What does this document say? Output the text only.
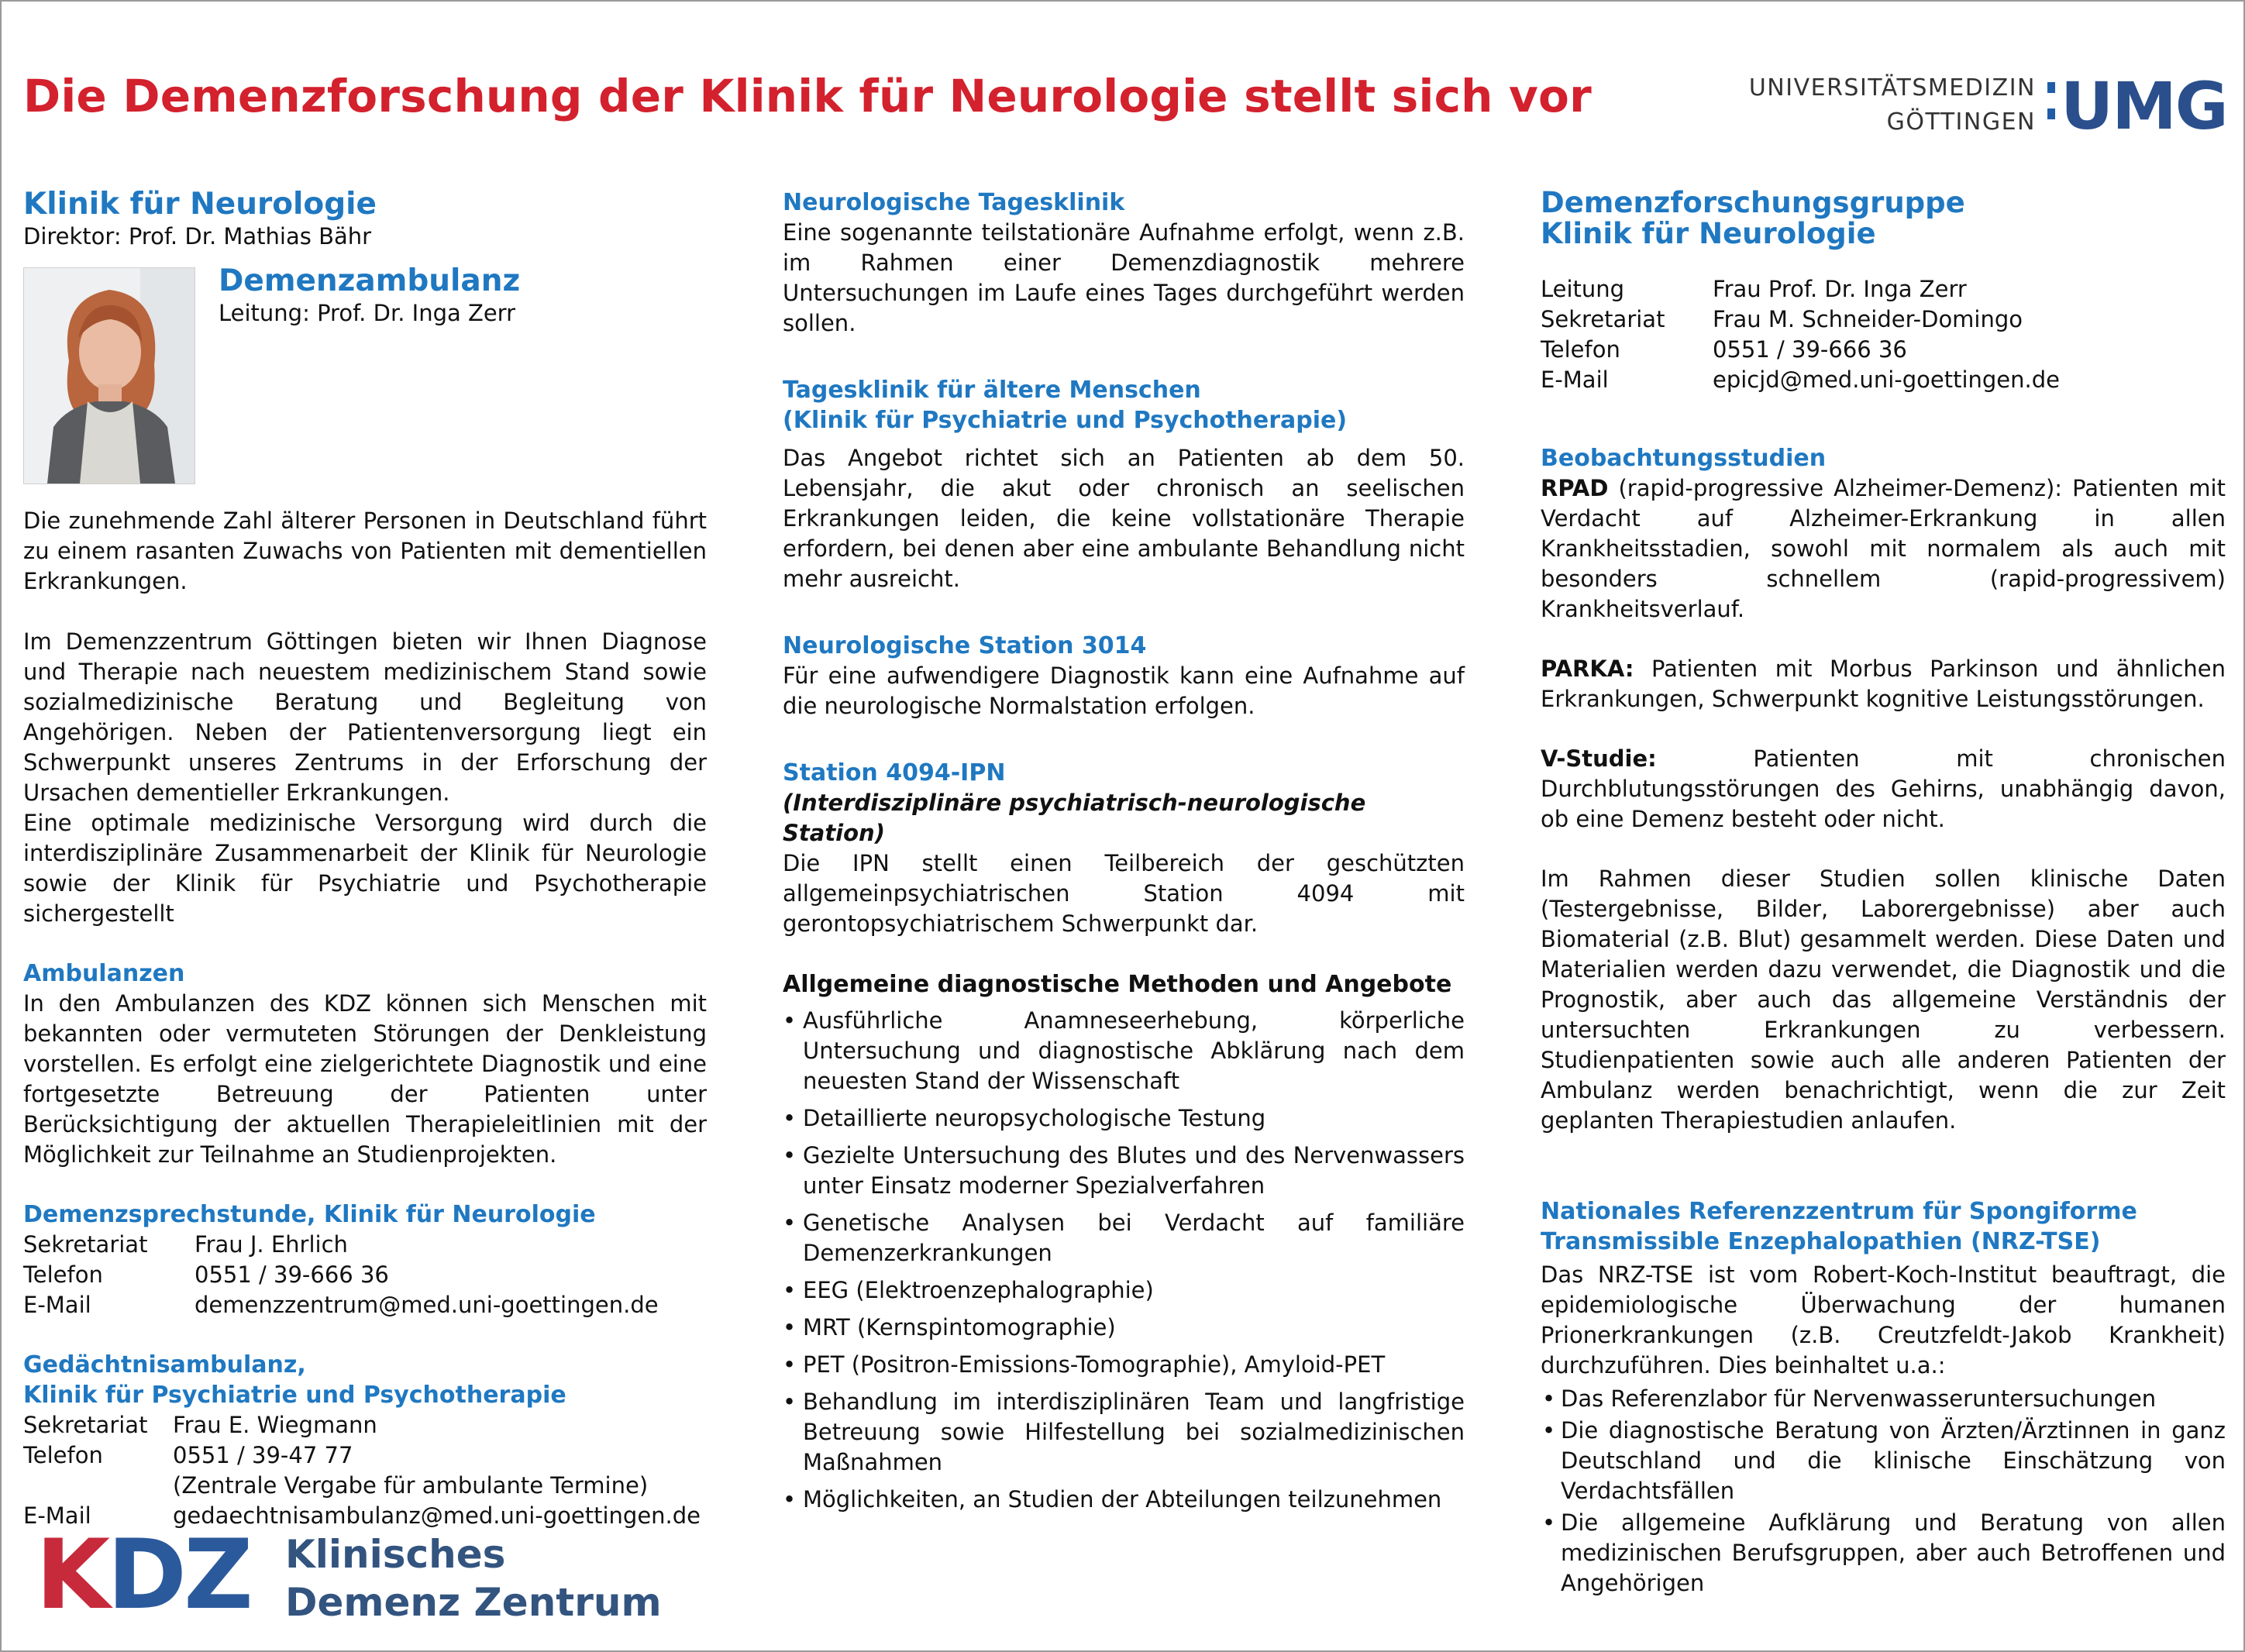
Die Demenzforschung der Klinik für Neurologie stellt sich vor	UNIVERSITÄTSMEDIZIN
GÖTTINGEN UMG

Klinik für Neurologie

Direktor: Prof. Dr. Mathias Bähr

Demenzambulanz

Leitung: Prof. Dr. Inga Zerr

Die zunehmende Zahl älterer Personen in Deutschland führt zu einem rasanten Zuwachs von Patienten mit dementiellen Erkrankungen.

Im Demenzzentrum Göttingen bieten wir Ihnen Diagnose und Therapie nach neuestem medizinischem Stand sowie sozialmedizinische Beratung und Begleitung von Angehörigen. Neben der Patientenversorgung liegt ein Schwerpunkt unseres Zentrums in der Erforschung der Ursachen dementieller Erkrankungen.

Eine optimale medizinische Versorgung wird durch die interdisziplinäre Zusammenarbeit der Klinik für Neurologie sowie der Klinik für Psychiatrie und Psychotherapie sichergestellt

Ambulanzen

In den Ambulanzen des KDZ können sich Menschen mit bekannten oder vermuteten Störungen der Denkleistung vorstellen. Es erfolgt eine zielgerichtete Diagnostik und eine fortgesetzte Betreuung der Patienten unter Berücksichtigung der aktuellen Therapieleitlinien mit der Möglichkeit zur Teilnahme an Studienprojekten.

Demenzsprechstunde, Klinik für Neurologie

Sekretariat	Frau J. Ehrlich
Telefon	0551 / 39-666 36
E-Mail	demenzzentrum@med.uni-goettingen.de

Gedächtnisambulanz,

Klinik für Psychiatrie und Psychotherapie

Sekretariat	Frau E. Wiegmann
Telefon	0551 / 39-47 77
(Zentrale Vergabe für ambulante Termine)
E-Mail	gedaechtnisambulanz@med.uni-goettingen.de
KDZ Klinisches
Demenz Zentrum

Neurologische Tagesklinik

Eine sogenannte teilstationäre Aufnahme erfolgt, wenn z.B. im Rahmen einer Demenzdiagnostik mehrere Untersuchungen im Laufe eines Tages durchgeführt werden sollen.

Tagesklinik für ältere Menschen

(Klinik für Psychiatrie und Psychotherapie)

Das Angebot richtet sich an Patienten ab dem 50. Lebensjahr, die akut oder chronisch an seelischen Erkrankungen leiden, die keine vollstationäre Therapie erfordern, bei denen aber eine ambulante Behandlung nicht mehr ausreicht.

Neurologische Station 3014

Für eine aufwendigere Diagnostik kann eine Aufnahme auf die neurologische Normalstation erfolgen.

Station 4094-IPN

(Interdisziplinäre psychiatrisch-neurologische Station)

Die IPN stellt einen Teilbereich der geschützten allgemeinpsychiatrischen Station 4094 mit gerontopsychiatrischem Schwerpunkt dar.

Allgemeine diagnostische Methoden und Angebote

• Ausführliche Anamneseerhebung, körperliche Untersuchung und diagnostische Abklärung nach dem neuesten Stand der Wissenschaft
• Detaillierte neuropsychologische Testung
• Gezielte Untersuchung des Blutes und des Nervenwassers unter Einsatz moderner Spezialverfahren
• Genetische Analysen bei Verdacht auf familiäre Demenzerkrankungen
• EEG (Elektroenzephalographie)
• MRT (Kernspintomographie)
• PET (Positron-Emissions-Tomographie), Amyloid-PET
• Behandlung im interdisziplinären Team und langfristige Betreuung sowie Hilfestellung bei sozialmedizinischen Maßnahmen
• Möglichkeiten, an Studien der Abteilungen teilzunehmen

Demenzforschungsgruppe

Klinik für Neurologie

Leitung	Frau Prof. Dr. Inga Zerr
Sekretariat	Frau M. Schneider-Domingo
Telefon	0551 / 39-666 36
E-Mail	epicjd@med.uni-goettingen.de

Beobachtungsstudien

RPAD (rapid-progressive Alzheimer-Demenz): Patienten mit Verdacht auf Alzheimer-Erkrankung in allen Krankheitsstadien, sowohl mit normalem als auch mit besonders schnellem (rapid-progressivem) Krankheitsverlauf.

PARKA: Patienten mit Morbus Parkinson und ähnlichen Erkrankungen, Schwerpunkt kognitive Leistungsstörungen.

V-Studie: Patienten mit chronischen Durchblutungsstörungen des Gehirns, unabhängig davon, ob eine Demenz besteht oder nicht.

Im Rahmen dieser Studien sollen klinische Daten (Testergebnisse, Bilder, Laborergebnisse) aber auch Biomaterial (z.B. Blut) gesammelt werden. Diese Daten und Materialien werden dazu verwendet, die Diagnostik und die Prognostik, aber auch das allgemeine Verständnis der untersuchten Erkrankungen zu verbessern. Studienpatienten sowie auch alle anderen Patienten der Ambulanz werden benachrichtigt, wenn die zur Zeit geplanten Therapiestudien anlaufen.

Nationales Referenzzentrum für Spongiforme

Transmissible Enzephalopathien (NRZ-TSE)

Das NRZ-TSE ist vom Robert-Koch-Institut beauftragt, die epidemiologische Überwachung der humanen Prionerkrankungen (z.B. Creutzfeldt-Jakob Krankheit) durchzuführen. Dies beinhaltet u.a.:

• Das Referenzlabor für Nervenwasseruntersuchungen
• Die diagnostische Beratung von Ärzten/Ärztinnen in ganz Deutschland und die klinische Einschätzung von Verdachtsfällen
• Die allgemeine Aufklärung und Beratung von allen medizinischen Berufsgruppen, aber auch Betroffenen und Angehörigen
